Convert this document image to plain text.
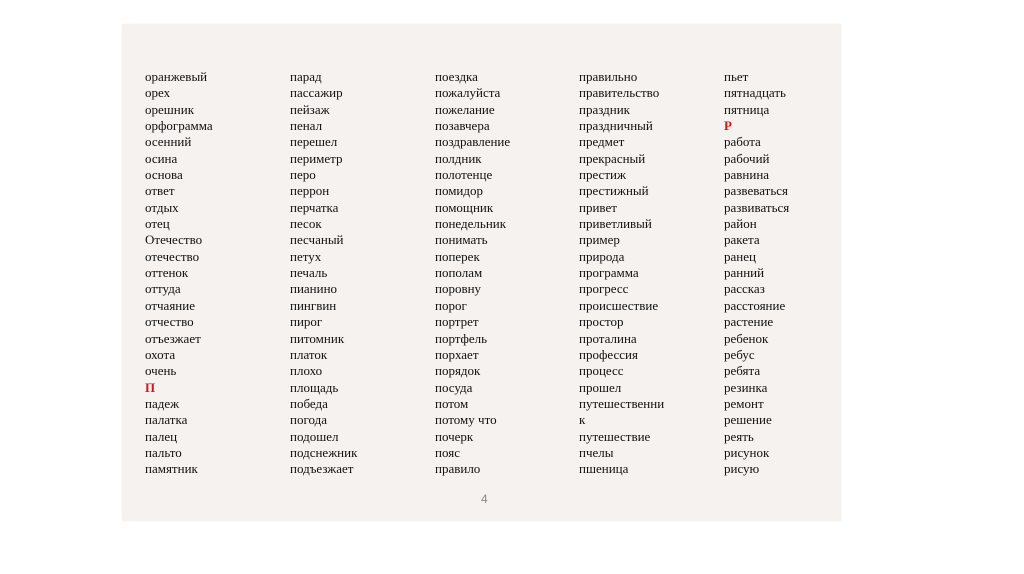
оранжевый
орех
орешник
орфограмма
осенний
осина
основа
ответ
отдых
отец
Отечество
отечество
оттенок
оттуда
отчаяние
отчество
отъезжает
охота
очень
П
падеж
палатка
палец
пальто
памятник
парад
пассажир
пейзаж
пенал
перешел
периметр
перо
перрон
перчатка
песок
песчаный
петух
печаль
пианино
пингвин
пирог
питомник
платок
плохо
площадь
победа
погода
подошел
подснежник
подъезжает
поездка
пожалуйста
пожелание
позавчера
поздравление
полдник
полотенце
помидор
помощник
понедельник
понимать
поперек
пополам
поровну
порог
портрет
портфель
порхает
порядок
посуда
потом
потому что
почерк
пояс
правило
правильно
правительство
праздник
праздничный
предмет
прекрасный
престиж
престижный
привет
приветливый
пример
природа
программа
прогресс
происшествие
простор
проталина
профессия
процесс
прошел
путешественни
к
путешествие
пчелы
пшеница
пьет
пятнадцать
пятница
Р
работа
рабочий
равнина
развеваться
развиваться
район
ракета
ранец
ранний
рассказ
расстояние
растение
ребенок
ребус
ребята
резинка
ремонт
решение
реять
рисунок
рисую
4
